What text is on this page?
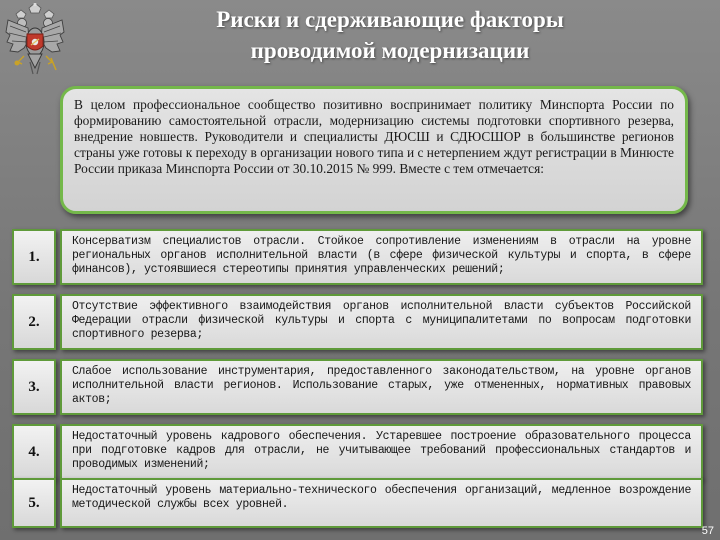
Риски и сдерживающие факторы
проводимой модернизации
В целом профессиональное сообщество позитивно воспринимает политику Минспорта России по формированию самостоятельной отрасли, модернизацию системы подготовки спортивного резерва, внедрение новшеств. Руководители и специалисты ДЮСШ и СДЮСШОР в большинстве регионов страны уже готовы к переходу в организации нового типа и с нетерпением ждут регистрации в Минюсте России приказа Минспорта России от 30.10.2015 № 999. Вместе с тем отмечается:
1.
Консерватизм специалистов отрасли. Стойкое сопротивление изменениям в отрасли на уровне региональных органов исполнительной власти (в сфере физической культуры и спорта, в сфере финансов), устоявшиеся стереотипы принятия управленческих решений;
2.
Отсутствие эффективного взаимодействия органов исполнительной власти субъектов Российской Федерации отрасли физической культуры и спорта с муниципалитетами по вопросам подготовки спортивного резерва;
3.
Слабое использование инструментария, предоставленного законодательством, на уровне органов исполнительной власти регионов. Использование старых, уже отмененных, нормативных правовых актов;
4.
Недостаточный уровень кадрового обеспечения. Устаревшее построение образовательного процесса при подготовке кадров для отрасли, не учитывающее требований профессиональных стандартов и проводимых изменений;
5.
Недостаточный уровень материально-технического обеспечения организаций, медленное возрождение методической службы всех уровней.
57
